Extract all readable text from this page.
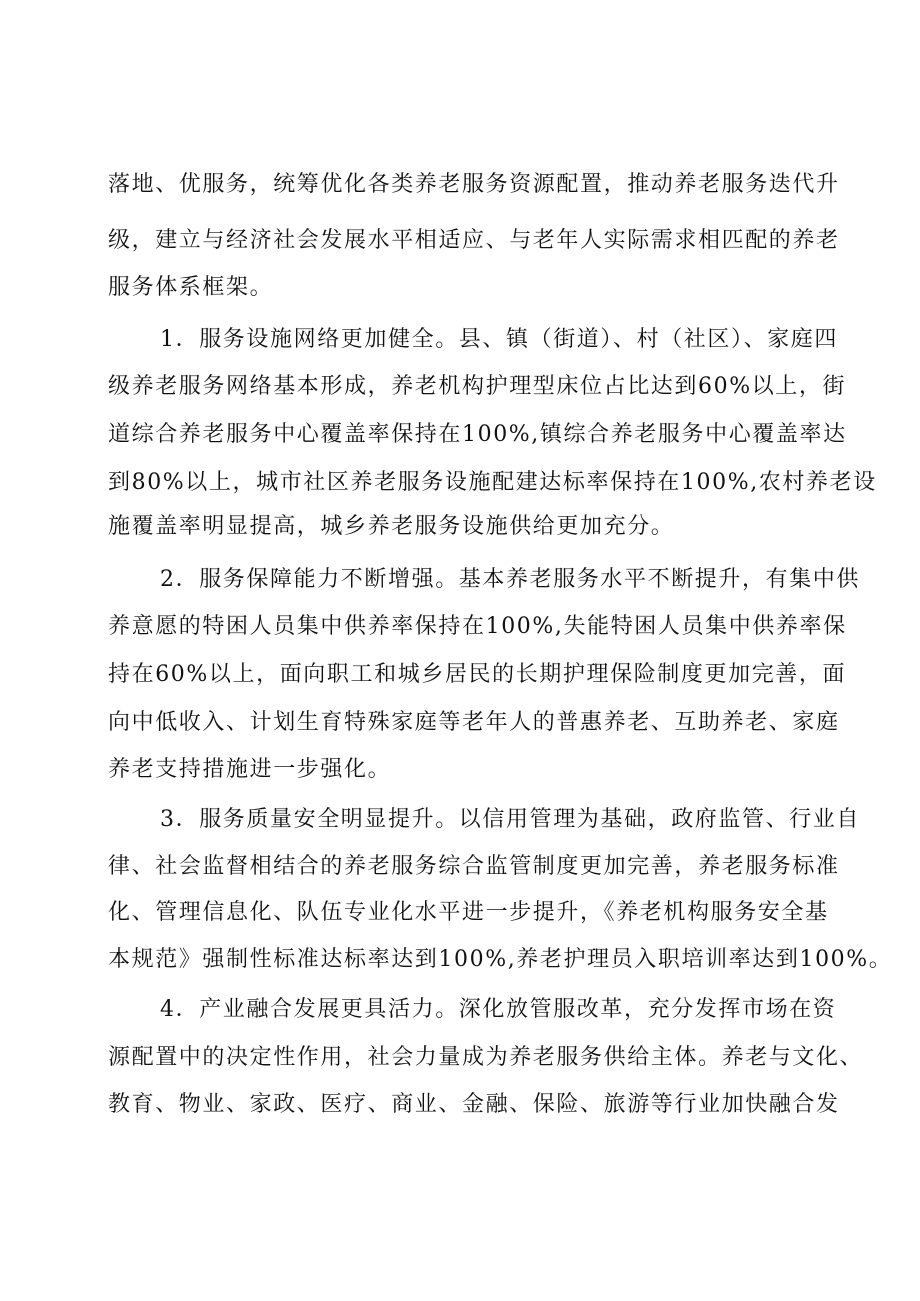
落地、优服务，统筹优化各类养老服务资源配置，推动养老服务迭代升
级，建立与经济社会发展水平相适应、与老年人实际需求相匹配的养老
服务体系框架。
1．服务设施网络更加健全。县、镇（街道）、村（社区）、家庭四
级养老服务网络基本形成，养老机构护理型床位占比达到60%以上，街
道综合养老服务中心覆盖率保持在100%,镇综合养老服务中心覆盖率达
到80%以上，城市社区养老服务设施配建达标率保持在100%,农村养老设
施覆盖率明显提高，城乡养老服务设施供给更加充分。
2．服务保障能力不断增强。基本养老服务水平不断提升，有集中供
养意愿的特困人员集中供养率保持在100%,失能特困人员集中供养率保
持在60%以上，面向职工和城乡居民的长期护理保险制度更加完善，面
向中低收入、计划生育特殊家庭等老年人的普惠养老、互助养老、家庭
养老支持措施进一步强化。
3．服务质量安全明显提升。以信用管理为基础，政府监管、行业自
律、社会监督相结合的养老服务综合监管制度更加完善，养老服务标准
化、管理信息化、队伍专业化水平进一步提升，《养老机构服务安全基
本规范》强制性标准达标率达到100%,养老护理员入职培训率达到100%。
4．产业融合发展更具活力。深化放管服改革，充分发挥市场在资
源配置中的决定性作用，社会力量成为养老服务供给主体。养老与文化、
教育、物业、家政、医疗、商业、金融、保险、旅游等行业加快融合发
